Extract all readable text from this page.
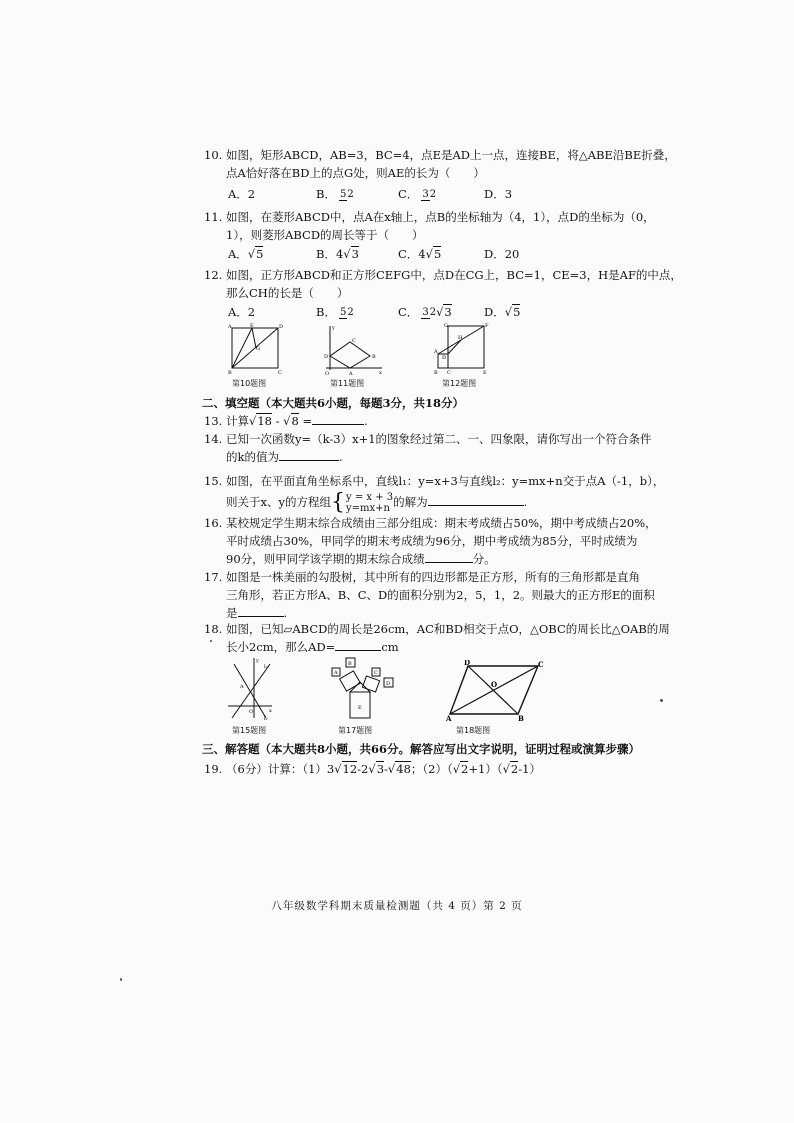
10. 如图，矩形ABCD，AB=3，BC=4，点E是AD上一点，连接BE，将△ABE沿BE折叠，
点A恰好落在BD上的点G处，则AE的长为（　　）
A．2	B． 52	C． 32	D．3
11. 如图，在菱形ABCD中，点A在x轴上，点B的坐标轴为（4，1），点D的坐标为（0，
1），则菱形ABCD的周长等于（　　）
A．√5	B．4√3	C．4√5	D．20
12. 如图，正方形ABCD和正方形CEFG中，点D在CG上，BC=1，CE=3，H是AF的中点，
那么CH的长是（　　）
A．2	B． 52	C． 32√3	D．√5
A	E	D
G
B	C
第10题图
y
B
C
D
A
O	x
第11题图
G	F
D
H
A
B C	E
第12题图
二、填空题（本大题共6小题，每题3分，共18分）
13. 计算√18 - √8 =	.
14. 已知一次函数y=（k-3）x+1的图象经过第二、一、四象限，请你写出一个符合条件
的k的值为	.
15. 如图，在平面直角坐标系中，直线l₁：y=x+3与直线l₂：y=mx+n交于点A（-1，b），
则关于x、y的方程组 { y = x + 3
y=mx+n 的解为	.
16. 某校规定学生期末综合成绩由三部分组成：期末考成绩占50%，期中考成绩占20%，
平时成绩占30%，甲同学的期末考成绩为96分，期中考成绩为85分，平时成绩为
90分，则甲同学该学期的期末综合成绩	分。
17. 如图是一株美丽的勾股树，其中所有的四边形都是正方形，所有的三角形都是直角
三角形，若正方形A、B、C、D的面积分别为2，5，1，2。则最大的正方形E的面积
是	.
18. 如图，已知▱ABCD的周长是26cm，AC和BD相交于点O，△OBC的周长比△OAB的周
长小2cm，那么AD=	cm
y
l₁
l₂
A
O	x
第15题图
A
B
C
D
E
第17题图
D	C
O
A	B
第18题图
三、解答题（本大题共8小题，共66分。解答应写出文字说明，证明过程或演算步骤）
19. （6分）计算：（1）3√12-2√3-√48；（2）（√2+1）（√2-1）
八年级数学科期末质量检测题（共 4 页）第 2 页
